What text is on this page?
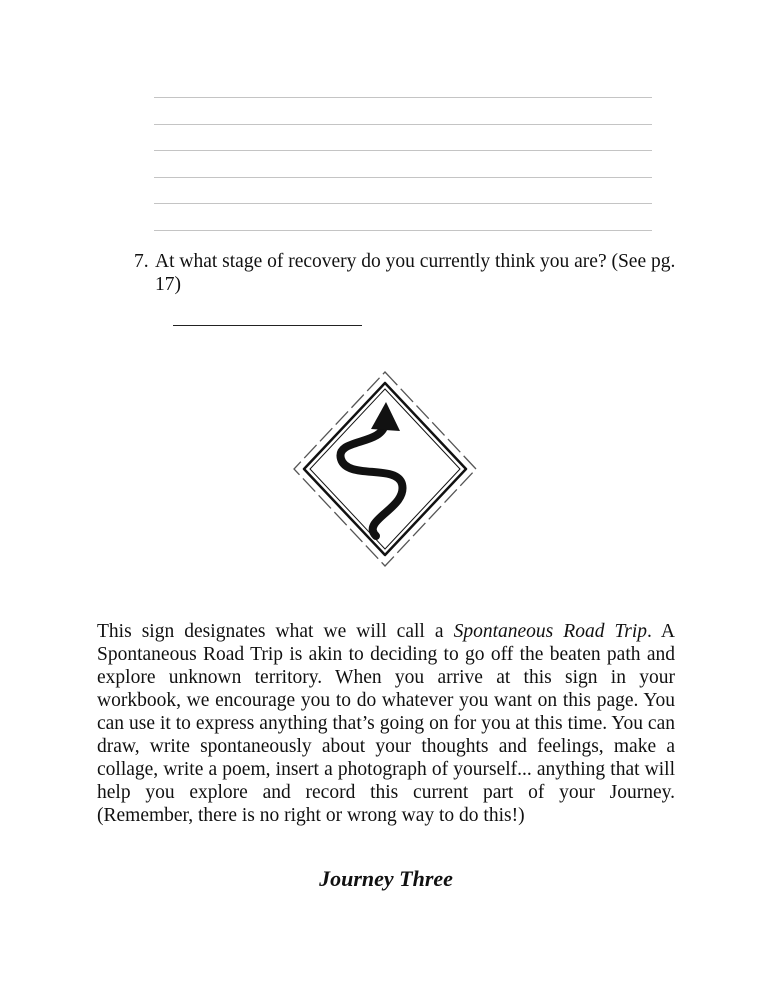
7. At what stage of recovery do you currently think you are? (See pg. 17)

This sign designates what we will call a Spontaneous Road Trip. A Spontaneous Road Trip is akin to deciding to go off the beaten path and explore unknown territory. When you arrive at this sign in your workbook, we encourage you to do whatever you want on this page. You can use it to express anything that’s going on for you at this time. You can draw, write spontaneously about your thoughts and feelings, make a collage, write a poem, insert a photograph of yourself... anything that will help you explore and record this current part of your Journey. (Remember, there is no right or wrong way to do this!)

Journey Three
